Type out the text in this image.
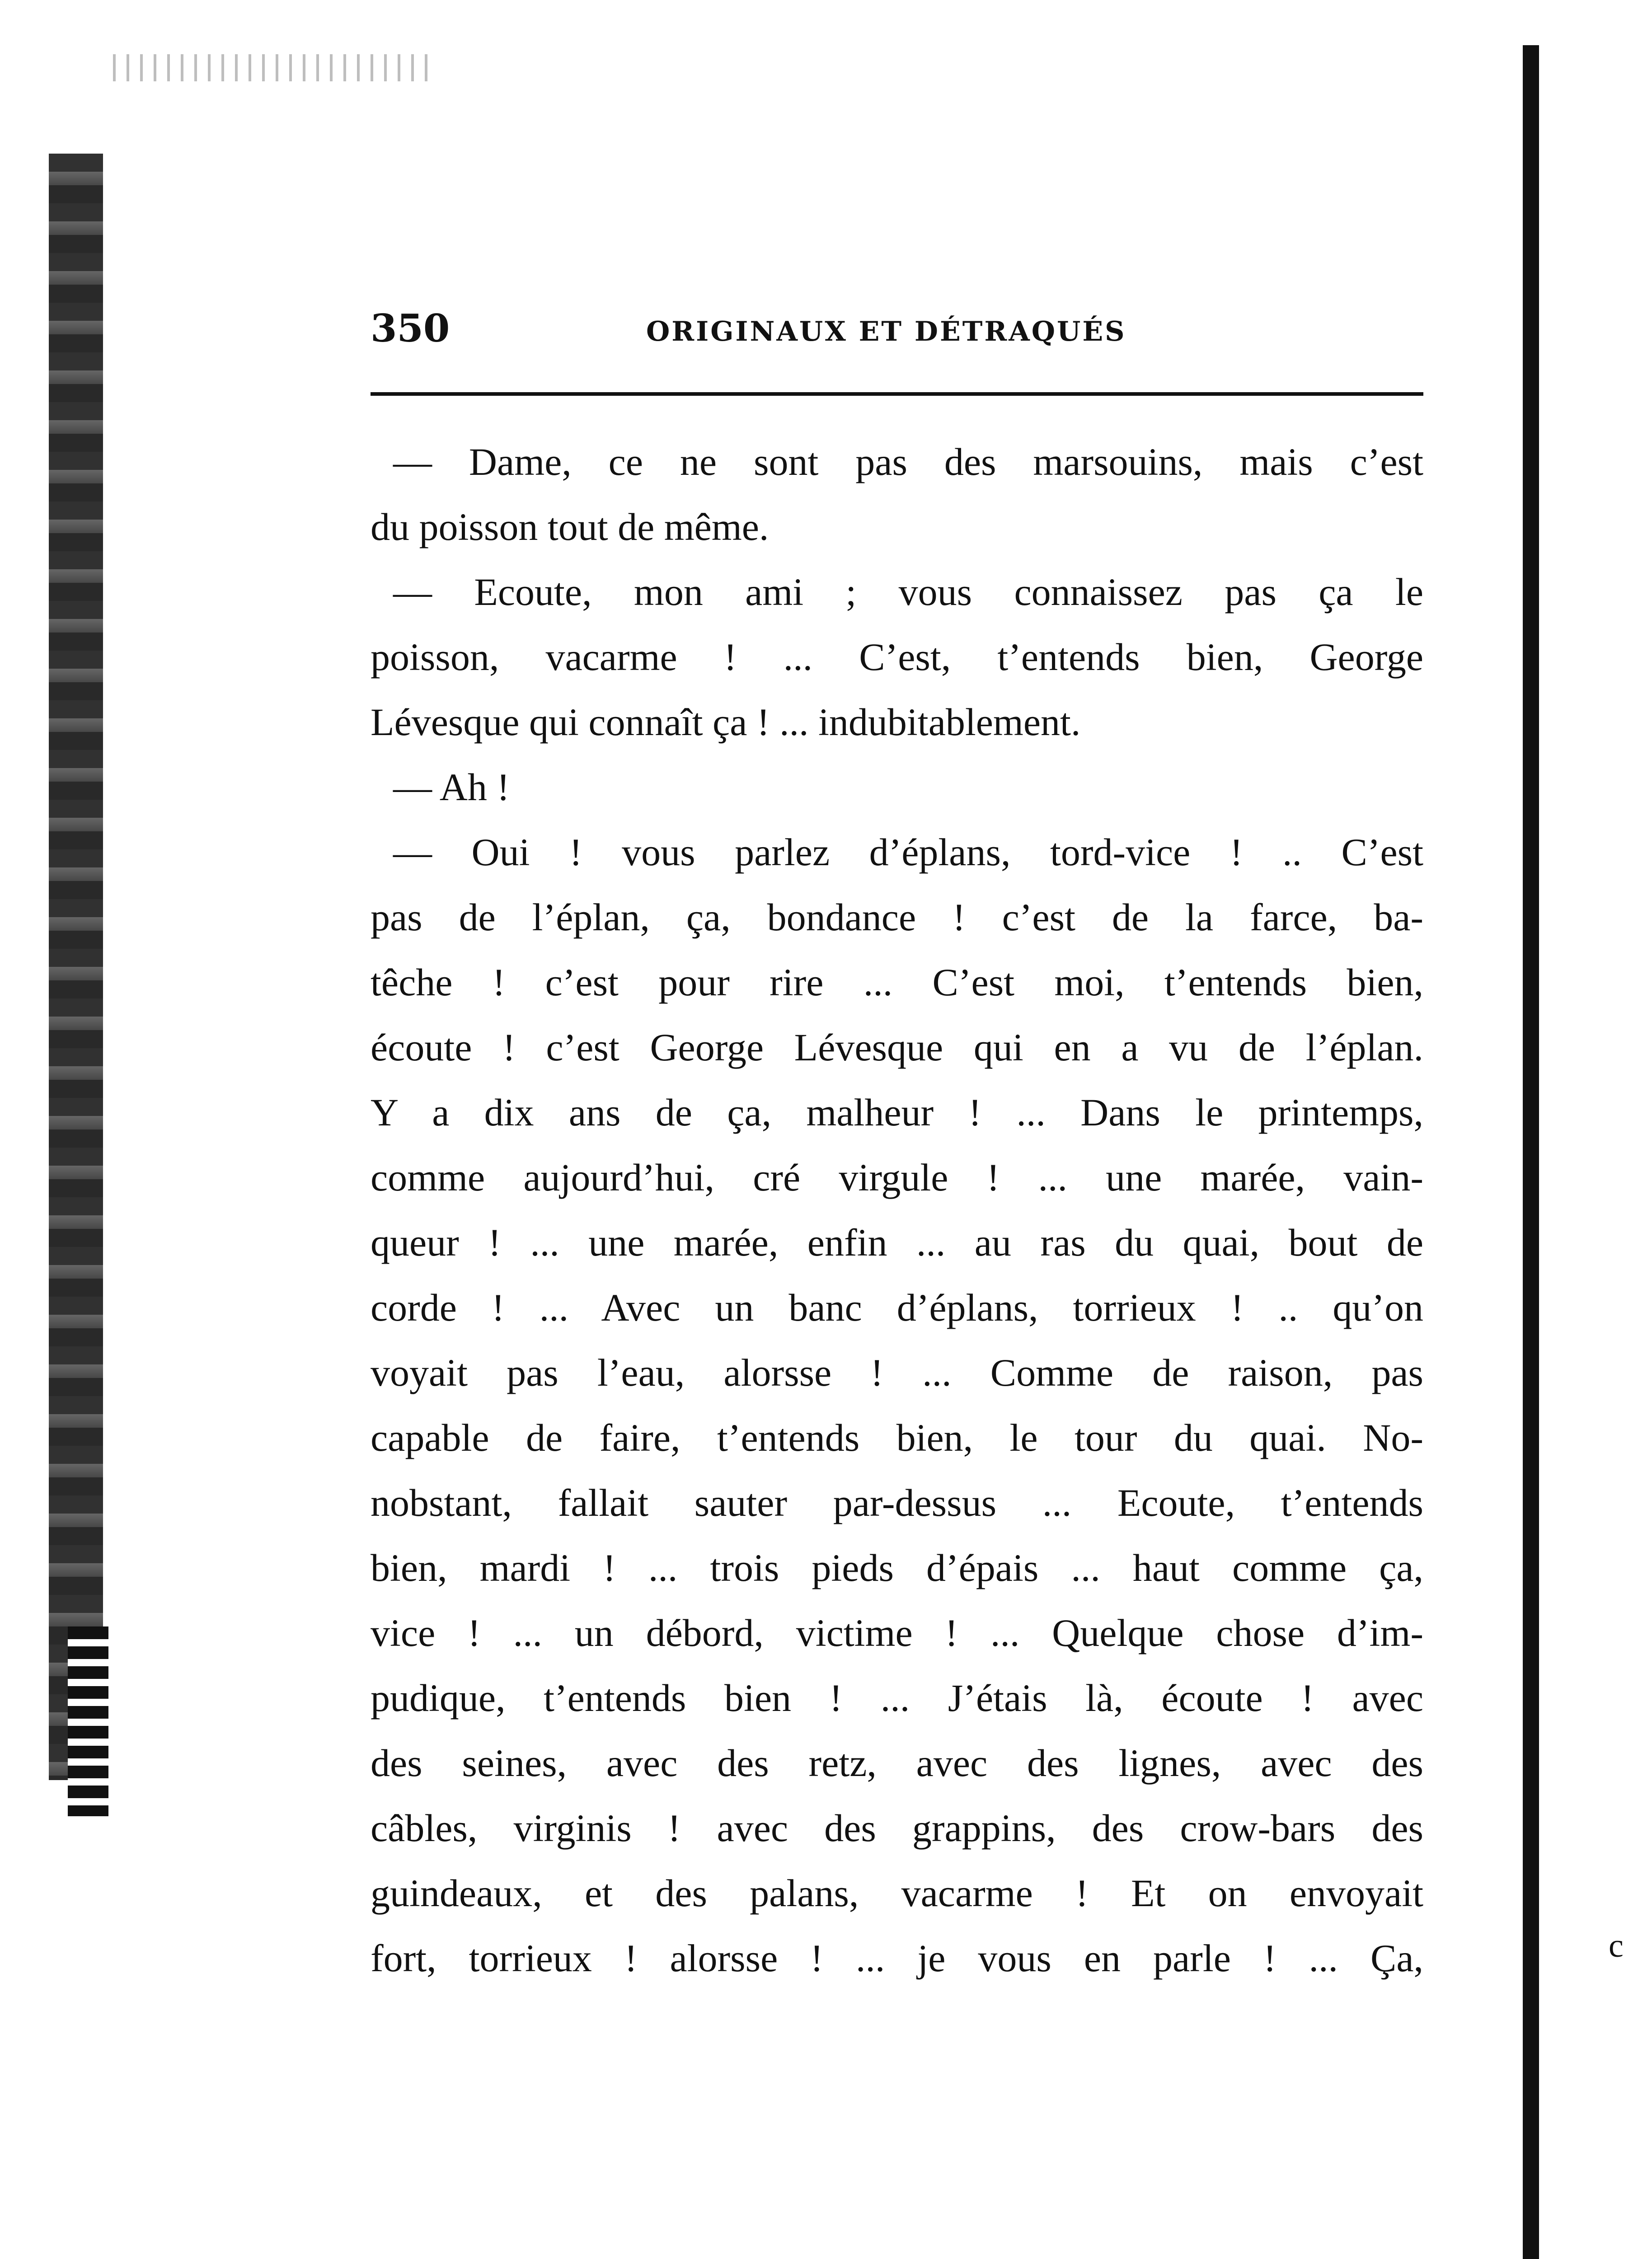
350	ORIGINAUX ET DÉTRAQUÉS
— Dame, ce ne sont pas des marsouins, mais c’est
du poisson tout de même.
— Ecoute, mon ami ; vous connaissez pas ça le
poisson, vacarme ! ... C’est, t’entends bien, George
Lévesque qui connaît ça ! ... indubitablement.
— Ah !
— Oui ! vous parlez d’éplans, tord-vice ! .. C’est
pas de l’éplan, ça, bondance ! c’est de la farce, ba-
têche ! c’est pour rire ... C’est moi, t’entends bien,
écoute ! c’est George Lévesque qui en a vu de l’éplan.
Y a dix ans de ça, malheur ! ... Dans le printemps,
comme aujourd’hui, cré virgule ! ... une marée, vain-
queur ! ... une marée, enfin ... au ras du quai, bout de
corde ! ... Avec un banc d’éplans, torrieux ! .. qu’on
voyait pas l’eau, alorsse ! ... Comme de raison, pas
capable de faire, t’entends bien, le tour du quai. No-
nobstant, fallait sauter par-dessus ... Ecoute, t’entends
bien, mardi ! ... trois pieds d’épais ... haut comme ça,
vice ! ... un débord, victime ! ... Quelque chose d’im-
pudique, t’entends bien ! ... J’étais là, écoute ! avec
des seines, avec des retz, avec des lignes, avec des
câbles, virginis ! avec des grappins, des crow-bars des
guindeaux, et des palans, vacarme ! Et on envoyait
fort, torrieux ! alorsse ! ... je vous en parle ! ... Ça,	c
